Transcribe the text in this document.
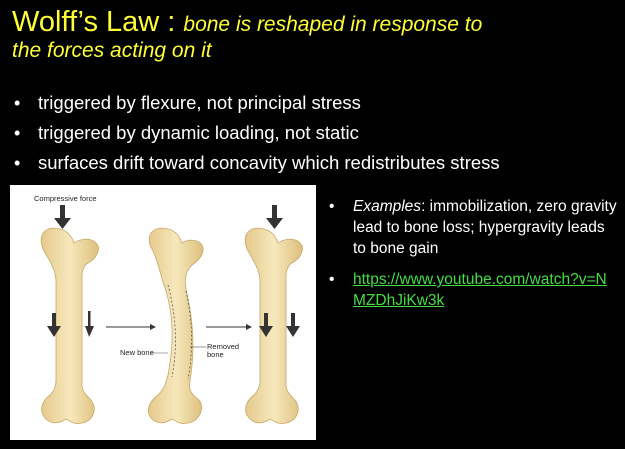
Wolff’s Law : bone is reshaped in response to
the forces acting on it
• triggered by flexure, not principal stress
• triggered by dynamic loading, not static
• surfaces drift toward concavity which redistributes stress
Compressive force
New bone
Removed
bone
• Examples: immobilization, zero gravity lead to bone loss; hypergravity leads to bone gain
• https://www.youtube.com/watch?v=NMZDhJiKw3k
